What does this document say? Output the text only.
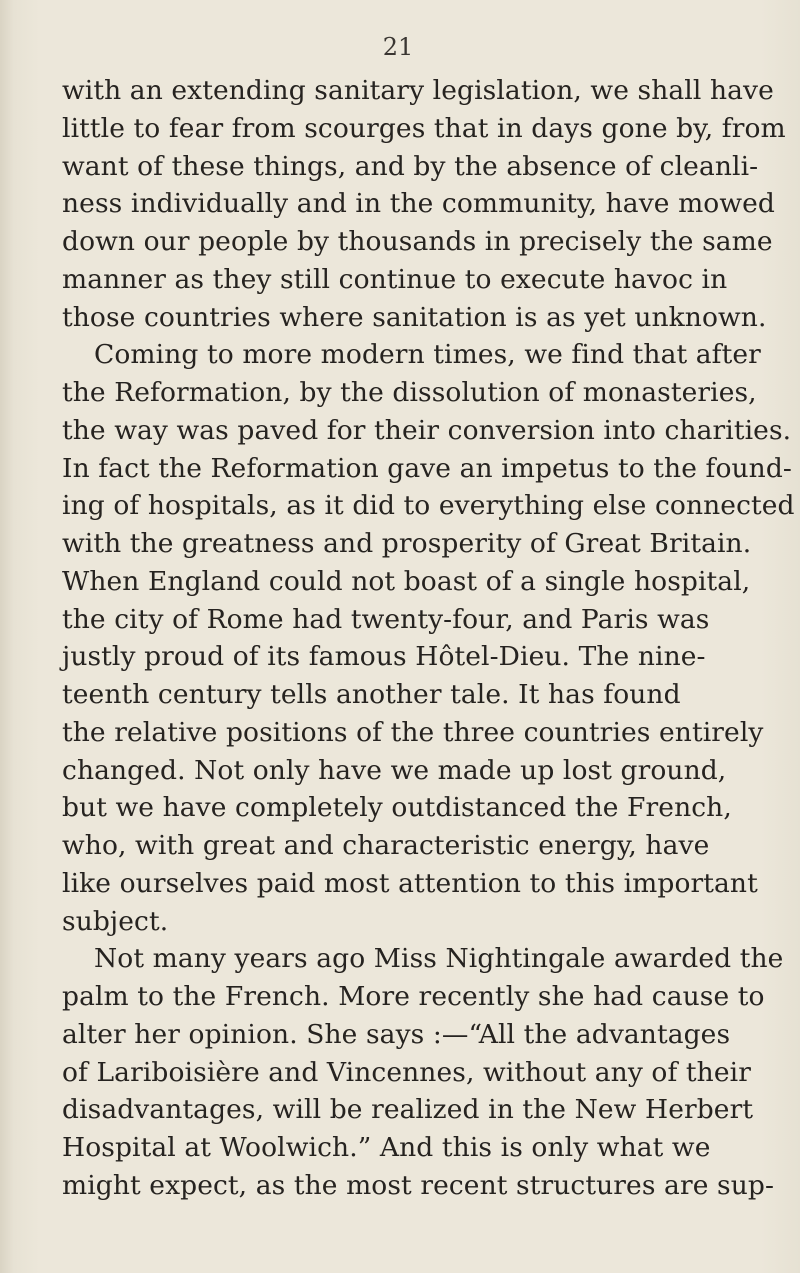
21
with an extending sanitary legislation, we shall have
little to fear from scourges that in days gone by, from
want of these things, and by the absence of cleanli-
ness individually and in the community, have mowed
down our people by thousands in precisely the same
manner as they still continue to execute havoc in
those countries where sanitation is as yet unknown.
Coming to more modern times, we find that after
the Reformation, by the dissolution of monasteries,
the way was paved for their conversion into charities.
In fact the Reformation gave an impetus to the found-
ing of hospitals, as it did to everything else connected
with the greatness and prosperity of Great Britain.
When England could not boast of a single hospital,
the city of Rome had twenty-four, and Paris was
justly proud of its famous Hôtel-Dieu. The nine-
teenth century tells another tale. It has found
the relative positions of the three countries entirely
changed. Not only have we made up lost ground,
but we have completely outdistanced the French,
who, with great and characteristic energy, have
like ourselves paid most attention to this important
subject.
Not many years ago Miss Nightingale awarded the
palm to the French. More recently she had cause to
alter her opinion. She says :—“All the advantages
of Lariboisière and Vincennes, without any of their
disadvantages, will be realized in the New Herbert
Hospital at Woolwich.” And this is only what we
might expect, as the most recent structures are sup-
